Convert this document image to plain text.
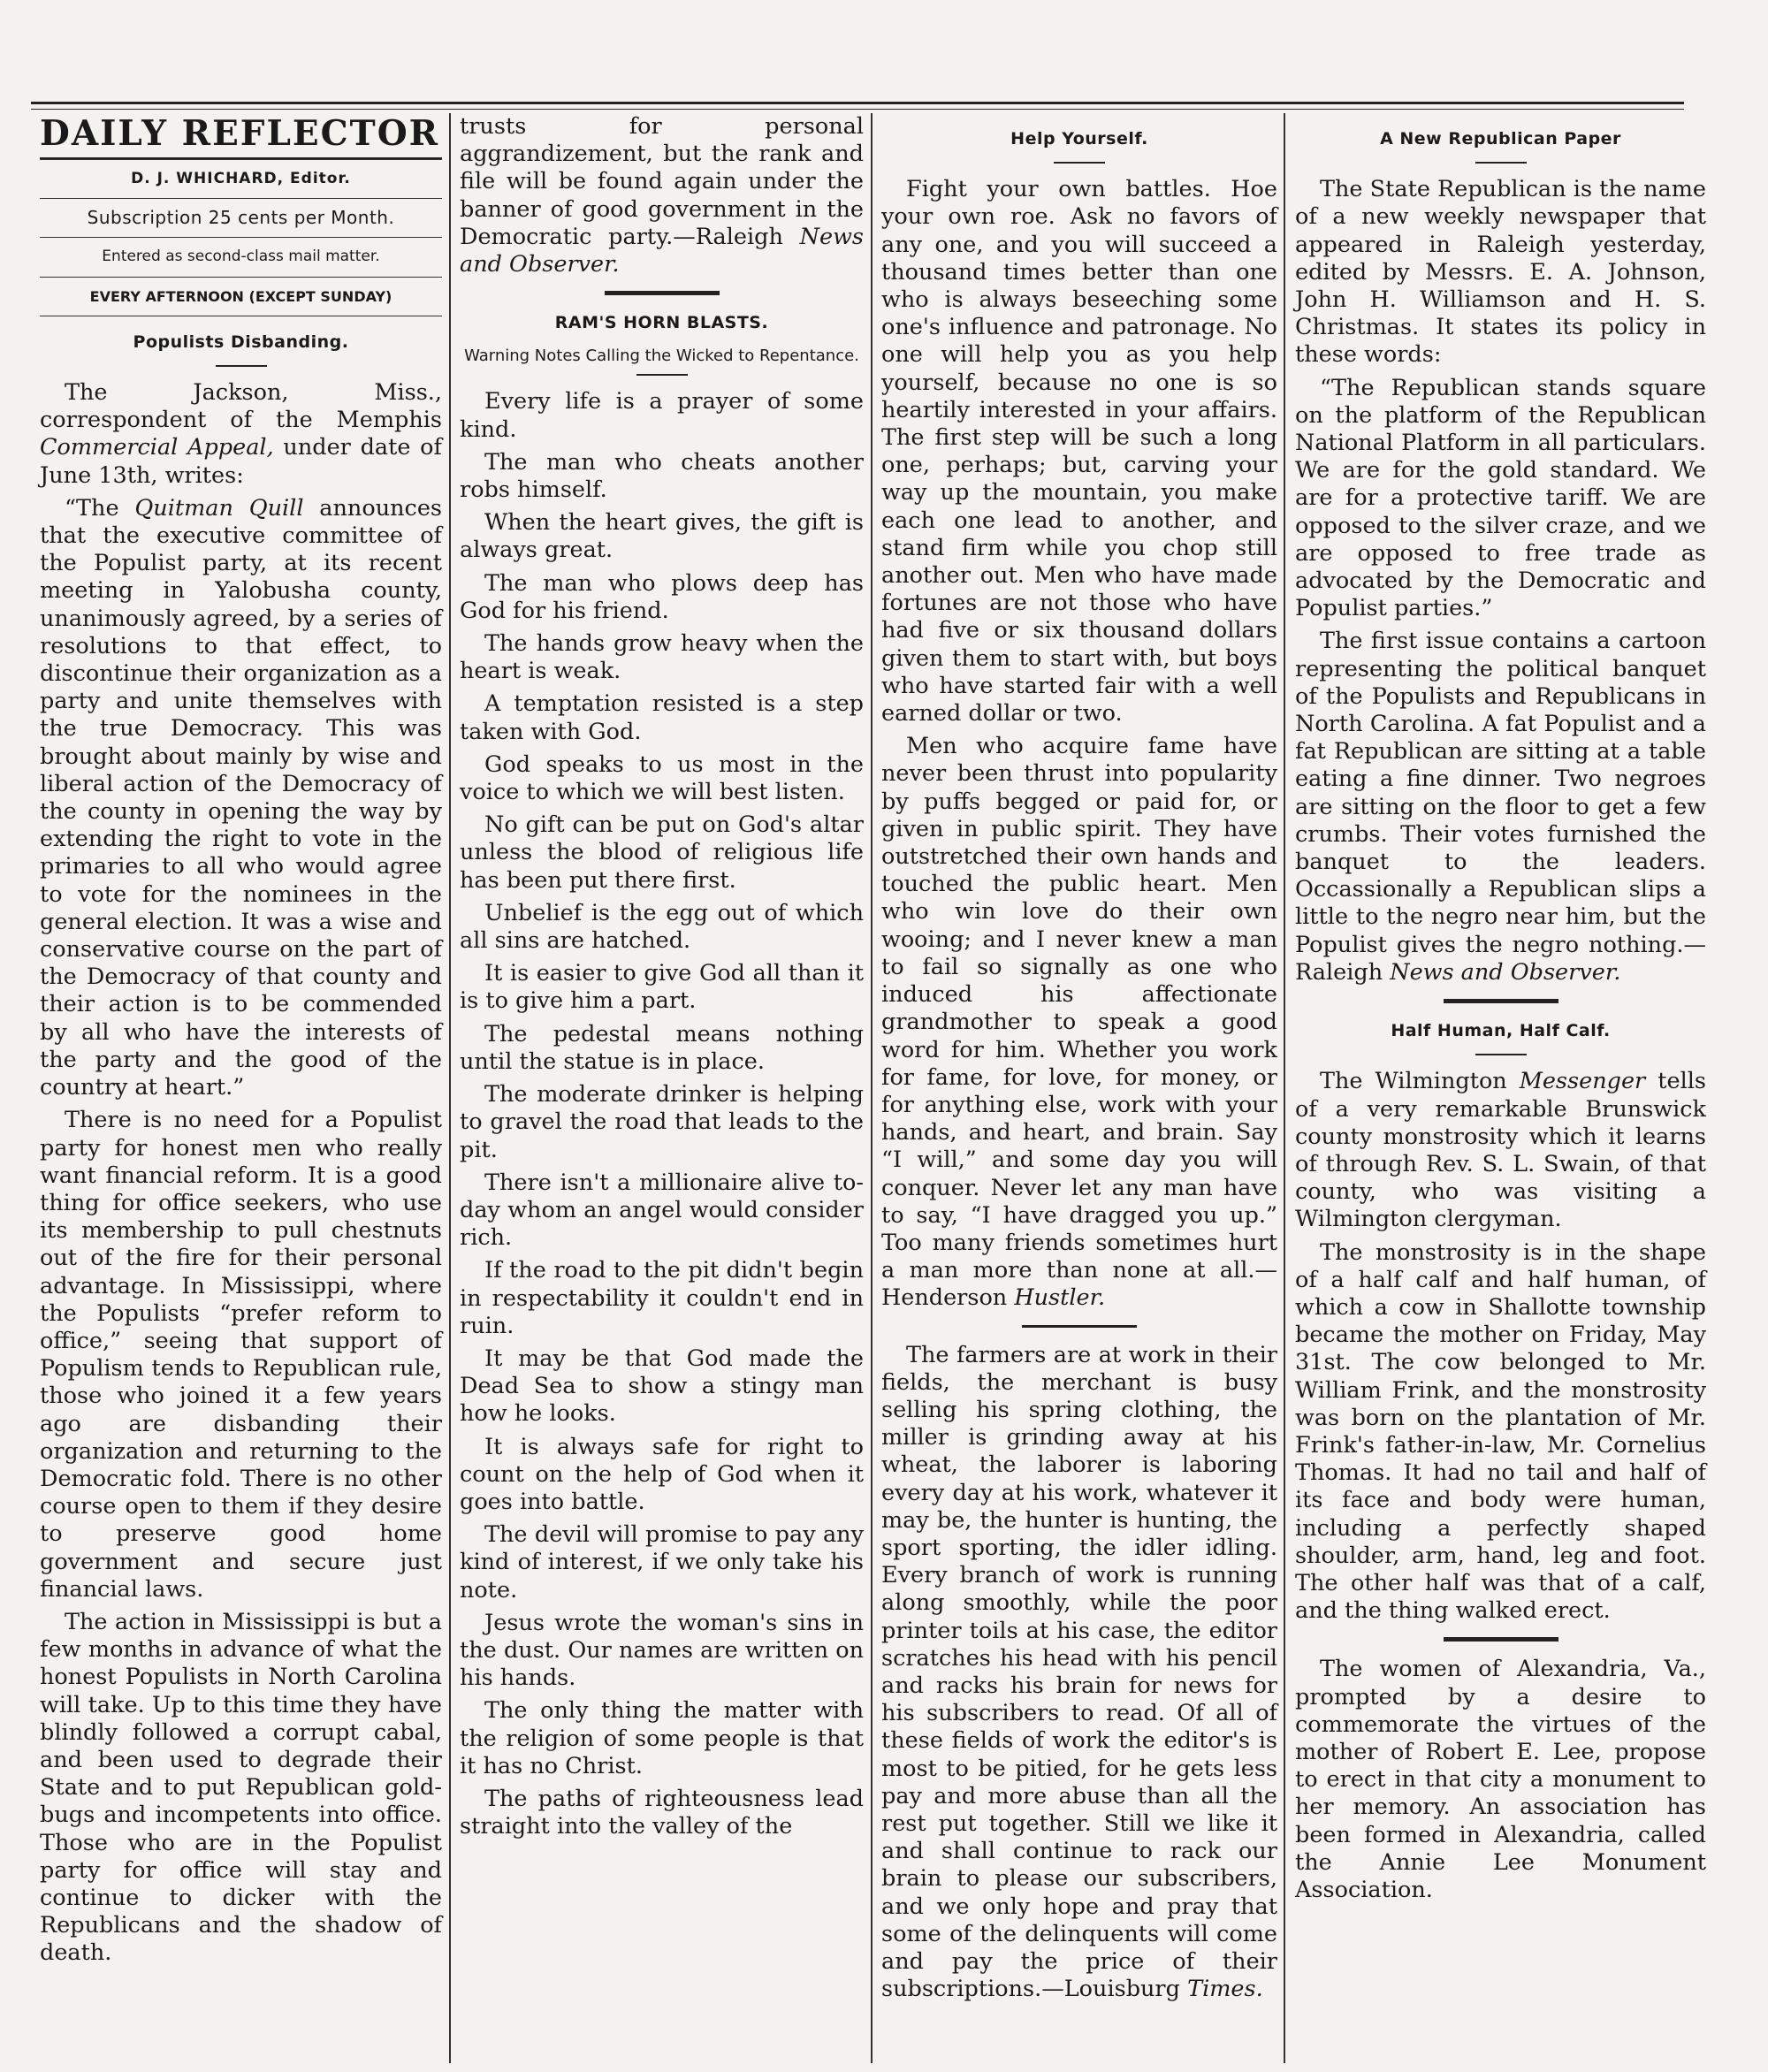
DAILY REFLECTOR
D. J. WHICHARD, Editor.
Subscription 25 cents per Month.
Entered as second-class mail matter.
EVERY AFTERNOON (EXCEPT SUNDAY)
Populists Disbanding.

The Jackson, Miss., correspondent of the Memphis Commercial Appeal, under date of June 13th, writes:

“The Quitman Quill announces that the executive committee of the Populist party, at its recent meeting in Yalobusha county, unanimously agreed, by a series of resolutions to that effect, to discontinue their organization as a party and unite themselves with the true Democracy. This was brought about mainly by wise and liberal action of the Democracy of the county in opening the way by extending the right to vote in the primaries to all who would agree to vote for the nominees in the general election. It was a wise and conservative course on the part of the Democracy of that county and their action is to be commended by all who have the interests of the party and the good of the country at heart.”

There is no need for a Populist party for honest men who really want financial reform. It is a good thing for office seekers, who use its membership to pull chestnuts out of the fire for their personal advantage. In Mississippi, where the Populists “prefer reform to office,” seeing that support of Populism tends to Republican rule, those who joined it a few years ago are disbanding their organization and returning to the Democratic fold. There is no other course open to them if they desire to preserve good home government and secure just financial laws.

The action in Mississippi is but a few months in advance of what the honest Populists in North Carolina will take. Up to this time they have blindly followed a corrupt cabal, and been used to degrade their State and to put Republican gold-bugs and incompetents into office. Those who are in the Populist party for office will stay and continue to dicker with the Republicans and the shadow of death.

trusts for personal aggrandizement, but the rank and file will be found again under the banner of good government in the Democratic party.—Raleigh News and Observer.

RAM'S HORN BLASTS.
Warning Notes Calling the Wicked to Repentance.

Every life is a prayer of some kind.

The man who cheats another robs himself.

When the heart gives, the gift is always great.

The man who plows deep has God for his friend.

The hands grow heavy when the heart is weak.

A temptation resisted is a step taken with God.

God speaks to us most in the voice to which we will best listen.

No gift can be put on God's altar unless the blood of religious life has been put there first.

Unbelief is the egg out of which all sins are hatched.

It is easier to give God all than it is to give him a part.

The pedestal means nothing until the statue is in place.

The moderate drinker is helping to gravel the road that leads to the pit.

There isn't a millionaire alive to-day whom an angel would consider rich.

If the road to the pit didn't begin in respectability it couldn't end in ruin.

It may be that God made the Dead Sea to show a stingy man how he looks.

It is always safe for right to count on the help of God when it goes into battle.

The devil will promise to pay any kind of interest, if we only take his note.

Jesus wrote the woman's sins in the dust. Our names are written on his hands.

The only thing the matter with the religion of some people is that it has no Christ.

The paths of righteousness lead straight into the valley of the

Help Yourself.

Fight your own battles. Hoe your own roe. Ask no favors of any one, and you will succeed a thousand times better than one who is always beseeching some one's influence and patronage. No one will help you as you help yourself, because no one is so heartily interested in your affairs. The first step will be such a long one, perhaps; but, carving your way up the mountain, you make each one lead to another, and stand firm while you chop still another out. Men who have made fortunes are not those who have had five or six thousand dollars given them to start with, but boys who have started fair with a well earned dollar or two.

Men who acquire fame have never been thrust into popularity by puffs begged or paid for, or given in public spirit. They have outstretched their own hands and touched the public heart. Men who win love do their own wooing; and I never knew a man to fail so signally as one who induced his affectionate grandmother to speak a good word for him. Whether you work for fame, for love, for money, or for anything else, work with your hands, and heart, and brain. Say “I will,” and some day you will conquer. Never let any man have to say, “I have dragged you up.” Too many friends sometimes hurt a man more than none at all.—Henderson Hustler.

The farmers are at work in their fields, the merchant is busy selling his spring clothing, the miller is grinding away at his wheat, the laborer is laboring every day at his work, whatever it may be, the hunter is hunting, the sport sporting, the idler idling. Every branch of work is running along smoothly, while the poor printer toils at his case, the editor scratches his head with his pencil and racks his brain for news for his subscribers to read. Of all of these fields of work the editor's is most to be pitied, for he gets less pay and more abuse than all the rest put together. Still we like it and shall continue to rack our brain to please our subscribers, and we only hope and pray that some of the delinquents will come and pay the price of their subscriptions.—Louisburg Times.

A New Republican Paper

The State Republican is the name of a new weekly newspaper that appeared in Raleigh yesterday, edited by Messrs. E. A. Johnson, John H. Williamson and H. S. Christmas. It states its policy in these words:

“The Republican stands square on the platform of the Republican National Platform in all particulars. We are for the gold standard. We are for a protective tariff. We are opposed to the silver craze, and we are opposed to free trade as advocated by the Democratic and Populist parties.”

The first issue contains a cartoon representing the political banquet of the Populists and Republicans in North Carolina. A fat Populist and a fat Republican are sitting at a table eating a fine dinner. Two negroes are sitting on the floor to get a few crumbs. Their votes furnished the banquet to the leaders. Occassionally a Republican slips a little to the negro near him, but the Populist gives the negro nothing.—Raleigh News and Observer.

Half Human, Half Calf.

The Wilmington Messenger tells of a very remarkable Brunswick county monstrosity which it learns of through Rev. S. L. Swain, of that county, who was visiting a Wilmington clergyman.

The monstrosity is in the shape of a half calf and half human, of which a cow in Shallotte township became the mother on Friday, May 31st. The cow belonged to Mr. William Frink, and the monstrosity was born on the plantation of Mr. Frink's father-in-law, Mr. Cornelius Thomas. It had no tail and half of its face and body were human, including a perfectly shaped shoulder, arm, hand, leg and foot. The other half was that of a calf, and the thing walked erect.

The women of Alexandria, Va., prompted by a desire to commemorate the virtues of the mother of Robert E. Lee, propose to erect in that city a monument to her memory. An association has been formed in Alexandria, called the Annie Lee Monument Association.
